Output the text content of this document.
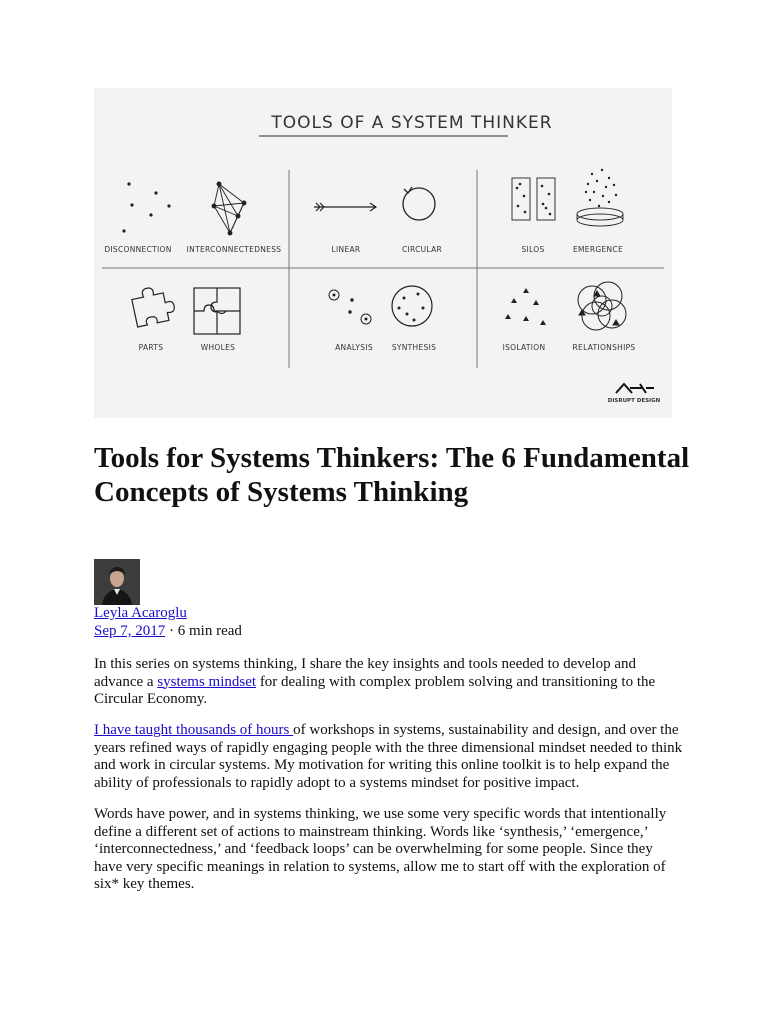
TOOLS OF A SYSTEM THINKER
DISCONNECTION INTERCONNECTEDNESS	LINEAR	CIRCULAR	SILOS	EMERGENCE
PARTS	WHOLES	ANALYSIS	SYNTHESIS	ISOLATION	RELATIONSHIPS
DISRUPT DESIGN
Tools for Systems Thinkers: The 6 Fundamental Concepts of Systems Thinking
Leyla Acaroglu
Sep 7, 2017 · 6 min read

In this series on systems thinking, I share the key insights and tools needed to develop and advance a systems mindset for dealing with complex problem solving and transitioning to the Circular Economy.

I have taught thousands of hours of workshops in systems, sustainability and design, and over the years refined ways of rapidly engaging people with the three dimensional mindset needed to think and work in circular systems. My motivation for writing this online toolkit is to help expand the ability of professionals to rapidly adopt to a systems mindset for positive impact.

Words have power, and in systems thinking, we use some very specific words that intentionally define a different set of actions to mainstream thinking. Words like ‘synthesis,’ ‘emergence,’ ‘interconnectedness,’ and ‘feedback loops’ can be overwhelming for some people. Since they have very specific meanings in relation to systems, allow me to start off with the exploration of six* key themes.
